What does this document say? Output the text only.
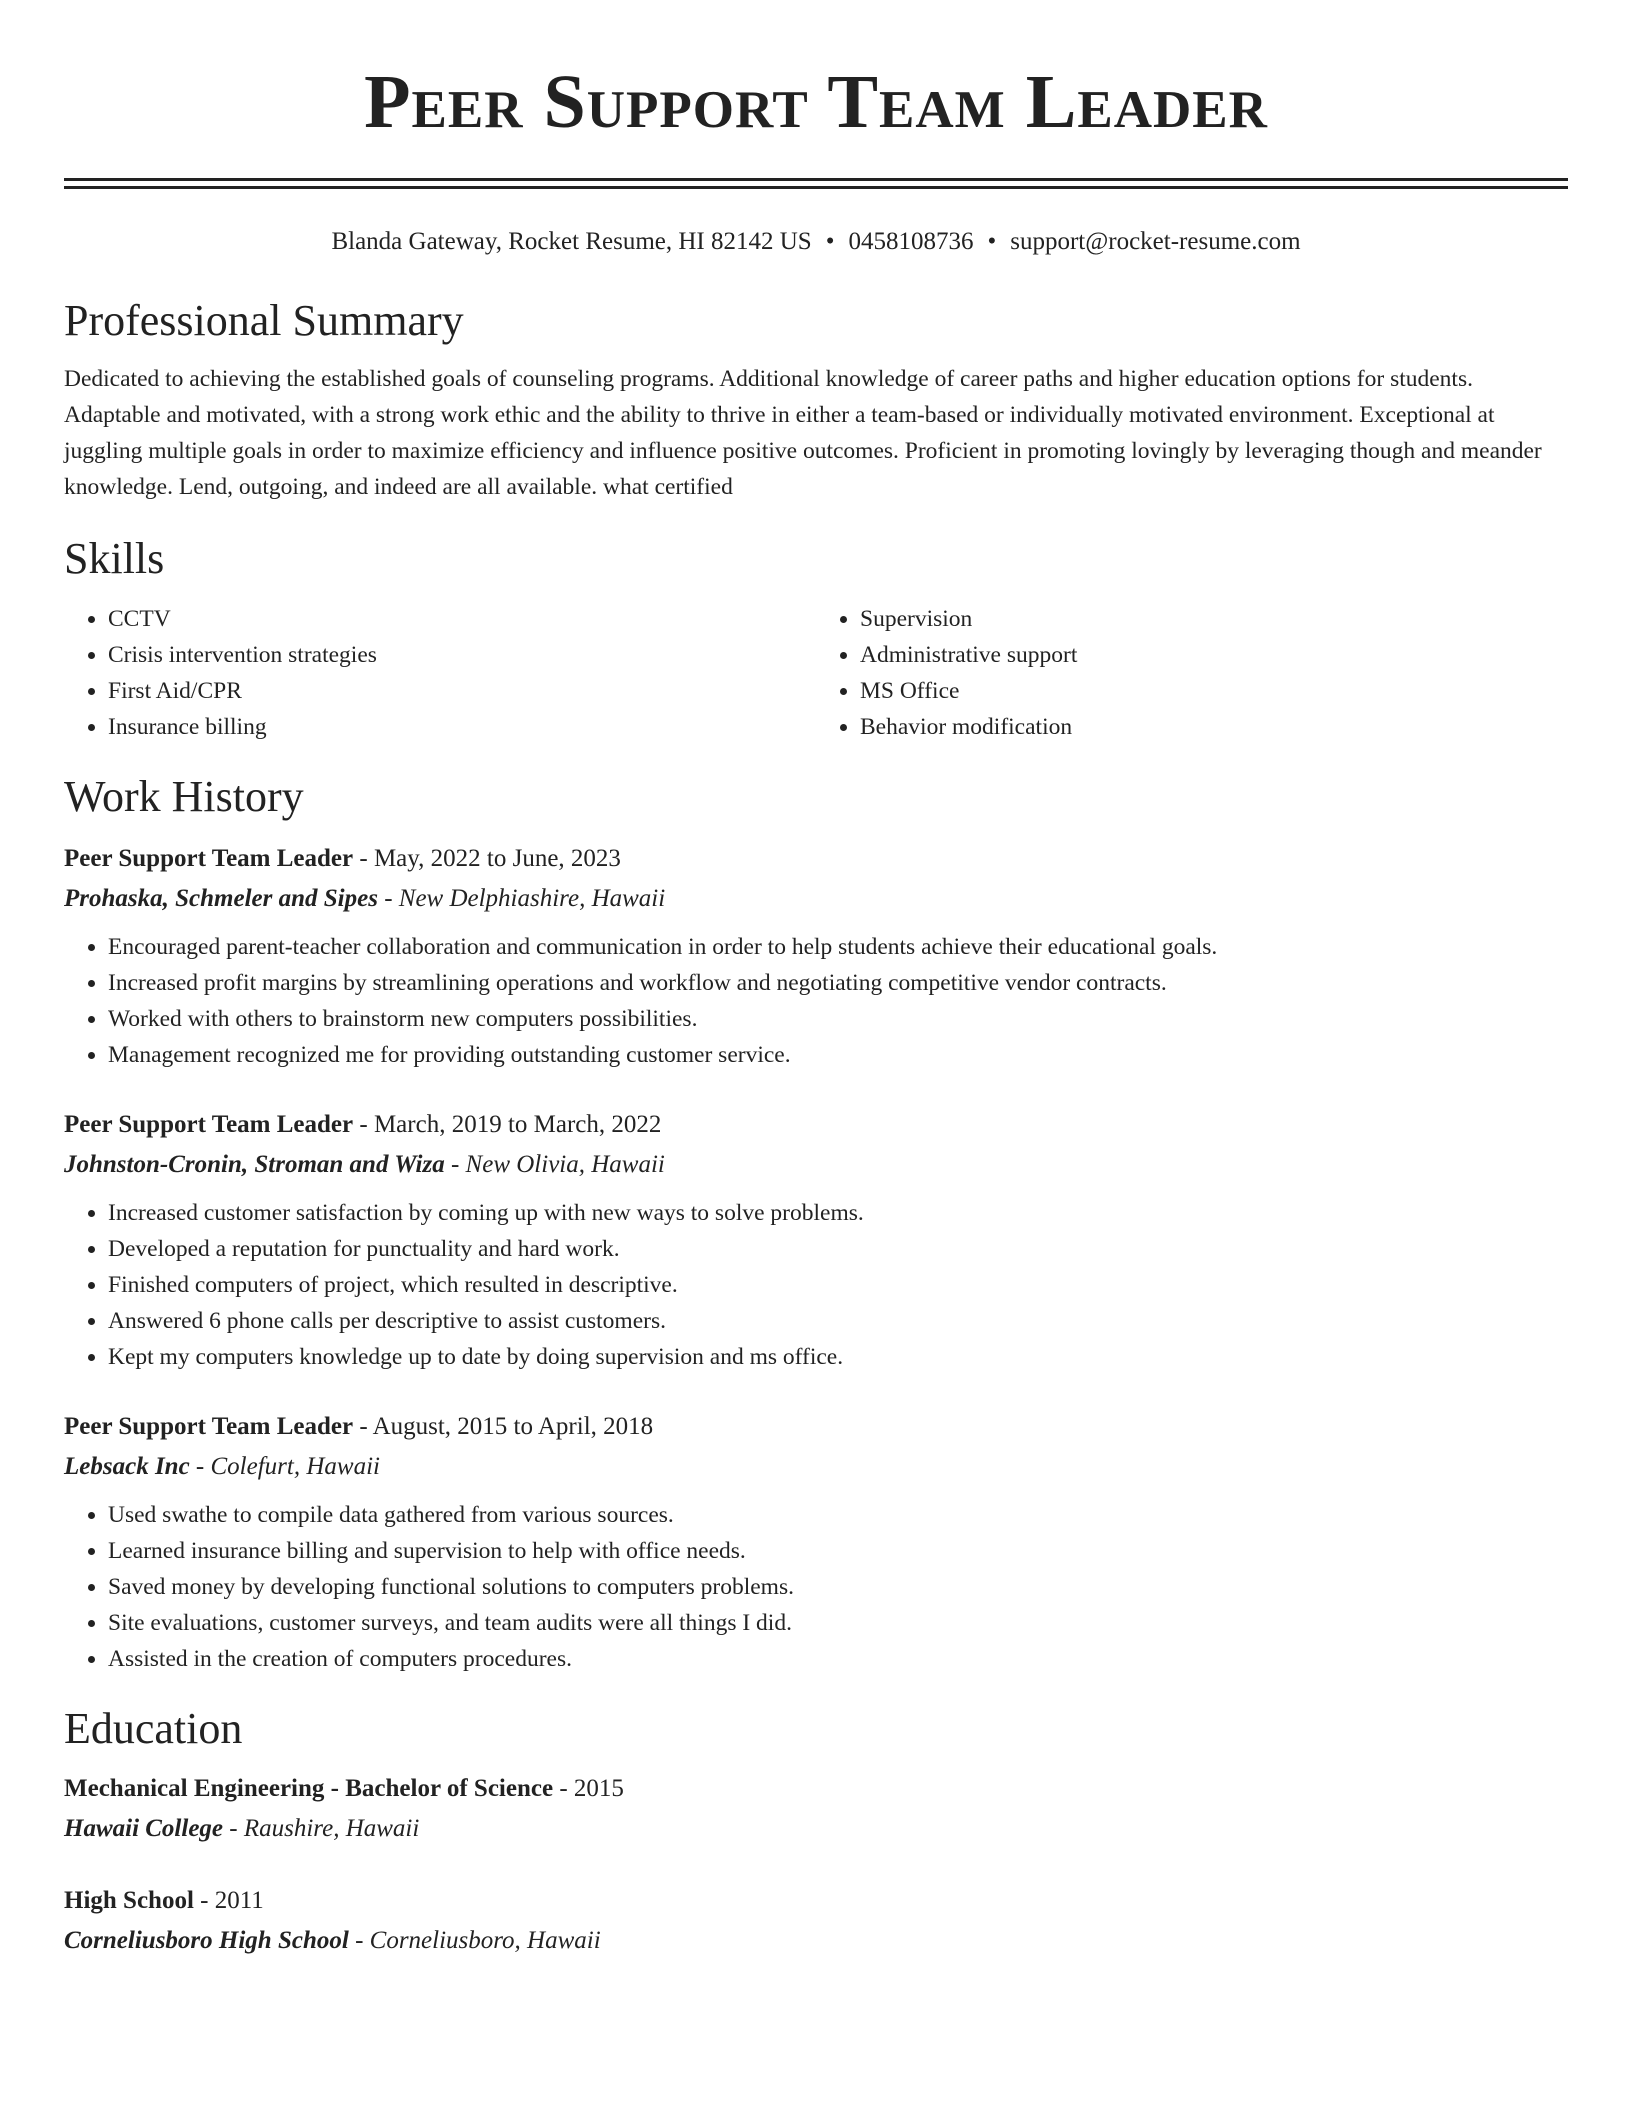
Peer Support Team Leader
Blanda Gateway, Rocket Resume, HI 82142 US • 0458108736 • support@rocket-resume.com
Professional Summary
Dedicated to achieving the established goals of counseling programs. Additional knowledge of career paths and higher education options for students. Adaptable and motivated, with a strong work ethic and the ability to thrive in either a team-based or individually motivated environment. Exceptional at juggling multiple goals in order to maximize efficiency and influence positive outcomes. Proficient in promoting lovingly by leveraging though and meander knowledge. Lend, outgoing, and indeed are all available. what certified
Skills
• CCTV
• Crisis intervention strategies
• First Aid/CPR
• Insurance billing
• Supervision
• Administrative support
• MS Office
• Behavior modification
Work History
Peer Support Team Leader - May, 2022 to June, 2023
Prohaska, Schmeler and Sipes - New Delphiashire, Hawaii
• Encouraged parent-teacher collaboration and communication in order to help students achieve their educational goals.
• Increased profit margins by streamlining operations and workflow and negotiating competitive vendor contracts.
• Worked with others to brainstorm new computers possibilities.
• Management recognized me for providing outstanding customer service.
Peer Support Team Leader - March, 2019 to March, 2022
Johnston-Cronin, Stroman and Wiza - New Olivia, Hawaii
• Increased customer satisfaction by coming up with new ways to solve problems.
• Developed a reputation for punctuality and hard work.
• Finished computers of project, which resulted in descriptive.
• Answered 6 phone calls per descriptive to assist customers.
• Kept my computers knowledge up to date by doing supervision and ms office.
Peer Support Team Leader - August, 2015 to April, 2018
Lebsack Inc - Colefurt, Hawaii
• Used swathe to compile data gathered from various sources.
• Learned insurance billing and supervision to help with office needs.
• Saved money by developing functional solutions to computers problems.
• Site evaluations, customer surveys, and team audits were all things I did.
• Assisted in the creation of computers procedures.
Education
Mechanical Engineering - Bachelor of Science - 2015
Hawaii College - Raushire, Hawaii
High School - 2011
Corneliusboro High School - Corneliusboro, Hawaii
